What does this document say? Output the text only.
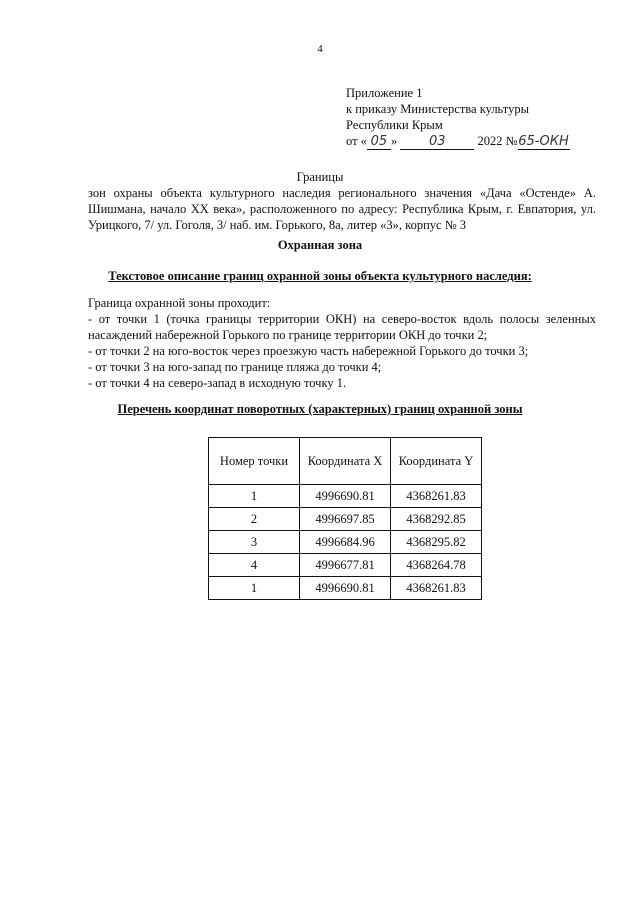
4
Приложение 1
к приказу Министерства культуры
Республики Крым
от « 05 » 03	2022 №65-ОКН
Границы
зон охраны объекта культурного наследия регионального значения «Дача «Остенде» А. Шишмана, начало XX века», расположенного по адресу: Республика Крым, г. Евпатория, ул. Урицкого, 7/ ул. Гоголя, 3/ наб. им. Горького, 8а, литер «3», корпус № 3
Охранная зона
Текстовое описание границ охранной зоны объекта культурного наследия:

Граница охранной зоны проходит:

- от точки 1 (точка границы территории ОКН) на северо-восток вдоль полосы зеленных насаждений набережной Горького по границе территории ОКН до точки 2;

- от точки 2 на юго-восток через проезжую часть набережной Горького до точки 3;

- от точки 3 на юго-запад по границе пляжа до точки 4;

- от точки 4 на северо-запад в исходную точку 1.

Перечень координат поворотных (характерных) границ охранной зоны
Номер точки	Координата X	Координата Y
1	4996690.81	4368261.83
2	4996697.85	4368292.85
3	4996684.96	4368295.82
4	4996677.81	4368264.78
1	4996690.81	4368261.83
